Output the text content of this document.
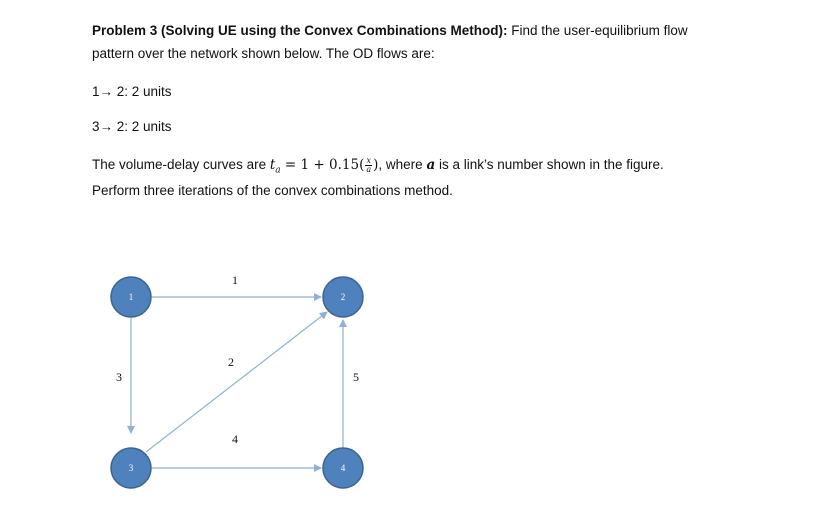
Problem 3 (Solving UE using the Convex Combinations Method): Find the user-equilibrium flow
pattern over the network shown below. The OD flows are:
1→ 2: 2 units
3→ 2: 2 units
The volume-delay curves are $t_a = 1 + 0.15( \frac{x}{a}$ ), where a is a link’s number shown in the figure.
Perform three iterations of the convex combinations method.
1
2
3
4
5
1	2
3	4
